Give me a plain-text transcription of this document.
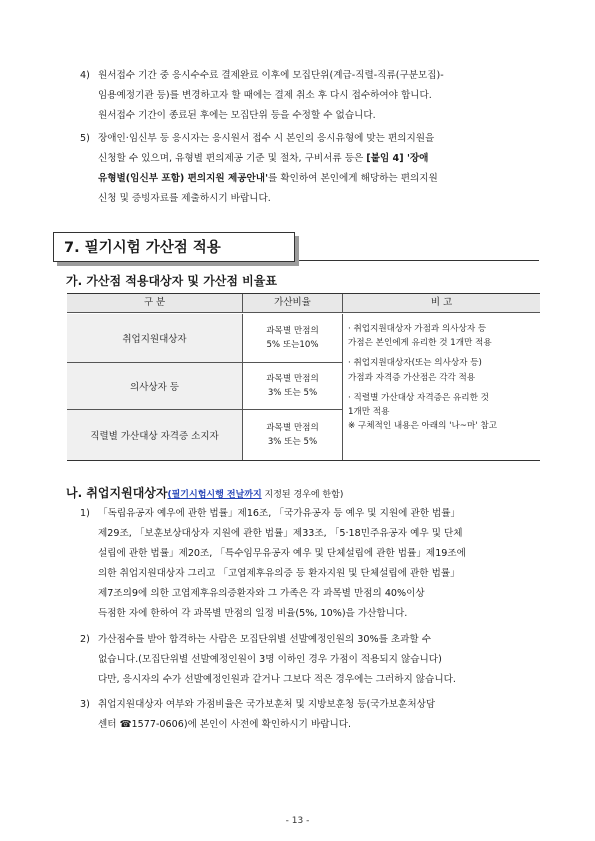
4) 원서접수 기간 중 응시수수료 결제완료 이후에 모집단위(계급-직렬-직류(구분모집)-
임용예정기관 등)를 변경하고자 할 때에는 결제 취소 후 다시 접수하여야 합니다.
원서접수 기간이 종료된 후에는 모집단위 등을 수정할 수 없습니다.
5) 장애인·임신부 등 응시자는 응시원서 접수 시 본인의 응시유형에 맞는 편의지원을
신청할 수 있으며, 유형별 편의제공 기준 및 절차, 구비서류 등은 [붙임 4] '장애
유형별(임신부 포함) 편의지원 제공안내'를 확인하여 본인에게 해당하는 편의지원
신청 및 증빙자료를 제출하시기 바랍니다.
7. 필기시험 가산점 적용
가. 가산점 적용대상자 및 가산점 비율표
구 분	가산비율	비 고
취업지원대상자
과목별 만점의
5% 또는10%
의사상자 등
과목별 만점의
3% 또는 5%
직렬별 가산대상 자격증 소지자
과목별 만점의
3% 또는 5%
· 취업지원대상자 가점과 의사상자 등
가점은 본인에게 유리한 것 1개만 적용
· 취업지원대상자(또는 의사상자 등)
가점과 자격증 가산점은 각각 적용
· 직렬별 가산대상 자격증은 유리한 것
1개만 적용
※ 구체적인 내용은 아래의 '나~마' 참고
나. 취업지원대상자(필기시험시행 전날까지 지정된 경우에 한함)
1) 「독립유공자 예우에 관한 법률」제16조, 「국가유공자 등 예우 및 지원에 관한 법률」
제29조, 「보훈보상대상자 지원에 관한 법률」제33조, 「5·18민주유공자 예우 및 단체
설립에 관한 법률」제20조, 「특수임무유공자 예우 및 단체설립에 관한 법률」제19조에
의한 취업지원대상자 그리고 「고엽제후유의증 등 환자지원 및 단체설립에 관한 법률」
제7조의9에 의한 고엽제후유의증환자와 그 가족은 각 과목별 만점의 40%이상
득점한 자에 한하여 각 과목별 만점의 일정 비율(5%, 10%)을 가산합니다.
2) 가산점수를 받아 합격하는 사람은 모집단위별 선발예정인원의 30%를 초과할 수
없습니다.(모집단위별 선발예정인원이 3명 이하인 경우 가점이 적용되지 않습니다)
다만, 응시자의 수가 선발예정인원과 같거나 그보다 적은 경우에는 그러하지 않습니다.
3) 취업지원대상자 여부와 가점비율은 국가보훈처 및 지방보훈청 등(국가보훈처상담
센터 ☎1577-0606)에 본인이 사전에 확인하시기 바랍니다.
- 13 -
